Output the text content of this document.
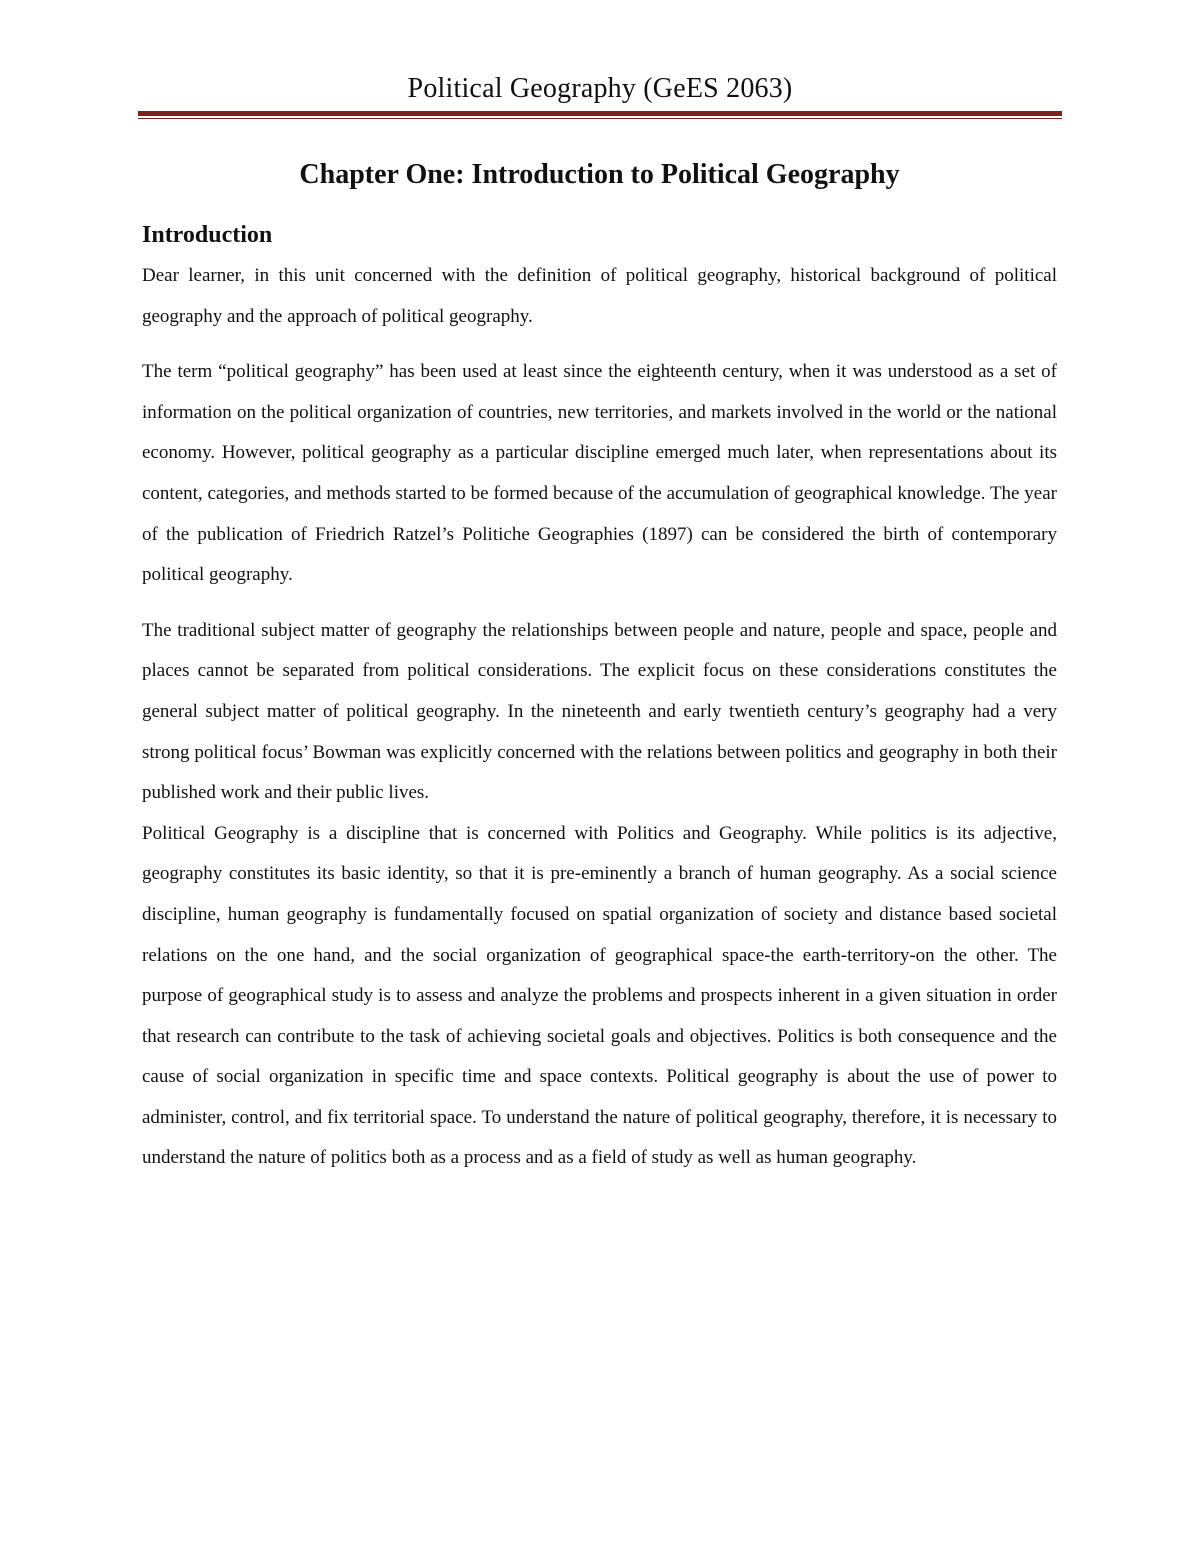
Political Geography (GeES 2063)
Chapter One: Introduction to Political Geography
Introduction

Dear learner, in this unit concerned with the definition of political geography, historical background of political geography and the approach of political geography.

The term “political geography” has been used at least since the eighteenth century, when it was understood as a set of information on the political organization of countries, new territories, and markets involved in the world or the national economy. However, political geography as a particular discipline emerged much later, when representations about its content, categories, and methods started to be formed because of the accumulation of geographical knowledge. The year of the publication of Friedrich Ratzel’s Politiche Geographies (1897) can be considered the birth of contemporary political geography.

The traditional subject matter of geography the relationships between people and nature, people and space, people and places cannot be separated from political considerations. The explicit focus on these considerations constitutes the general subject matter of political geography. In the nineteenth and early twentieth century’s geography had a very strong political focus’ Bowman was explicitly concerned with the relations between politics and geography in both their published work and their public lives.

Political Geography is a discipline that is concerned with Politics and Geography. While politics is its adjective, geography constitutes its basic identity, so that it is pre-eminently a branch of human geography. As a social science discipline, human geography is fundamentally focused on spatial organization of society and distance based societal relations on the one hand, and the social organization of geographical space-the earth-territory-on the other. The purpose of geographical study is to assess and analyze the problems and prospects inherent in a given situation in order that research can contribute to the task of achieving societal goals and objectives. Politics is both consequence and the cause of social organization in specific time and space contexts. Political geography is about the use of power to administer, control, and fix territorial space. To understand the nature of political geography, therefore, it is necessary to understand the nature of politics both as a process and as a field of study as well as human geography.
